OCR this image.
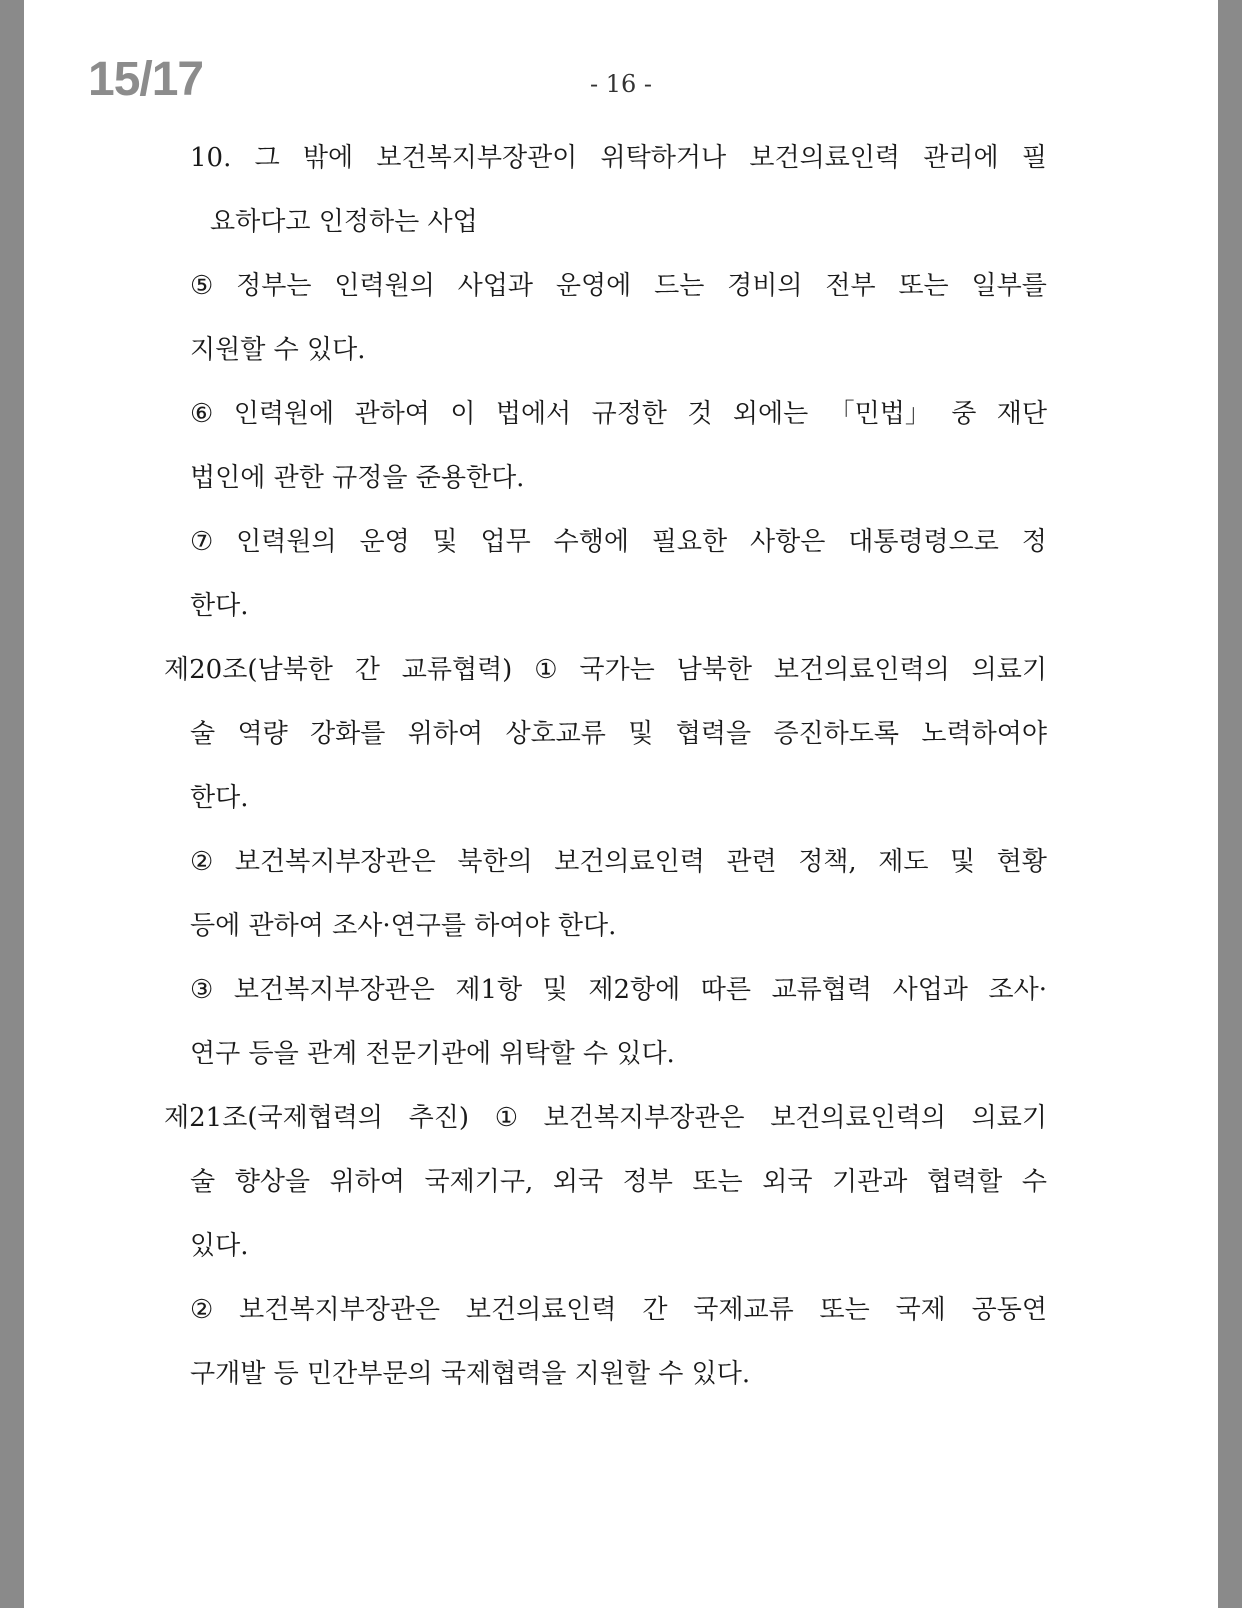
15/17	- 16 -
10. 그 밖에 보건복지부장관이 위탁하거나 보건의료인력 관리에 필
요하다고 인정하는 사업
⑤ 정부는 인력원의 사업과 운영에 드는 경비의 전부 또는 일부를
지원할 수 있다.
⑥ 인력원에 관하여 이 법에서 규정한 것 외에는 「민법」 중 재단
법인에 관한 규정을 준용한다.
⑦ 인력원의 운영 및 업무 수행에 필요한 사항은 대통령령으로 정
한다.
제20조(남북한 간 교류협력) ① 국가는 남북한 보건의료인력의 의료기
술 역량 강화를 위하여 상호교류 및 협력을 증진하도록 노력하여야
한다.
② 보건복지부장관은 북한의 보건의료인력 관련 정책, 제도 및 현황
등에 관하여 조사·연구를 하여야 한다.
③ 보건복지부장관은 제1항 및 제2항에 따른 교류협력 사업과 조사·
연구 등을 관계 전문기관에 위탁할 수 있다.
제21조(국제협력의 추진) ① 보건복지부장관은 보건의료인력의 의료기
술 향상을 위하여 국제기구, 외국 정부 또는 외국 기관과 협력할 수
있다.
② 보건복지부장관은 보건의료인력 간 국제교류 또는 국제 공동연
구개발 등 민간부문의 국제협력을 지원할 수 있다.
